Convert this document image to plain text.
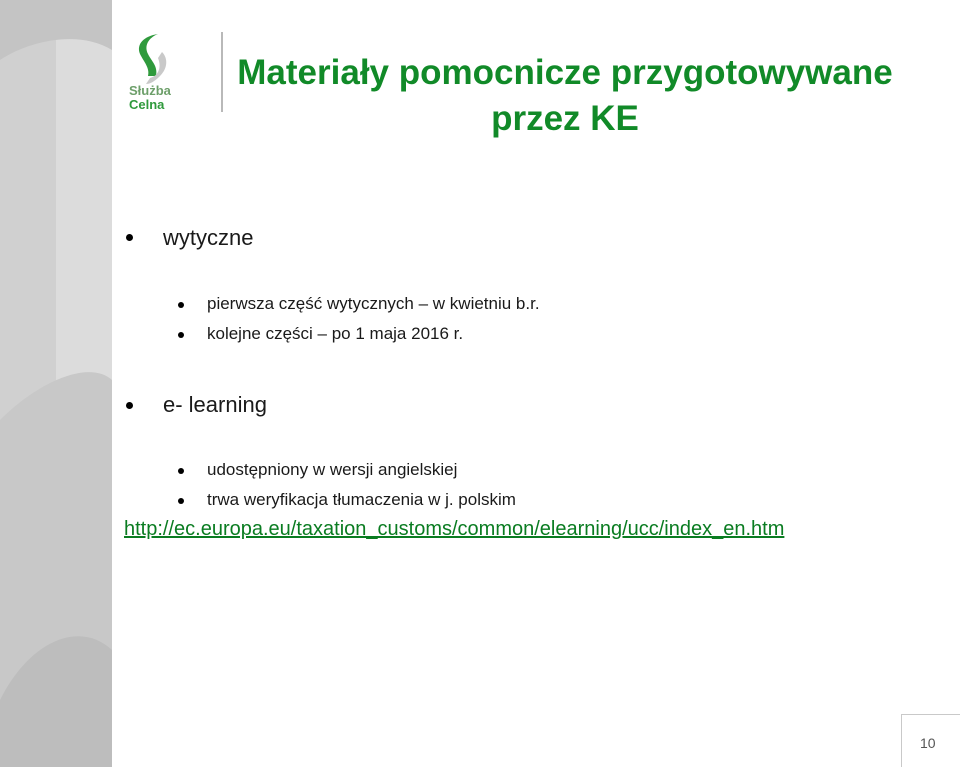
Służba
Celna
Materiały pomocnicze przygotowywane
przez KE
wytyczne
pierwsza część wytycznych – w kwietniu b.r.
kolejne części – po 1 maja 2016 r.
e- learning
udostępniony w wersji angielskiej
trwa weryfikacja tłumaczenia w j. polskim
http://ec.europa.eu/taxation_customs/common/elearning/ucc/index_en.htm
10
